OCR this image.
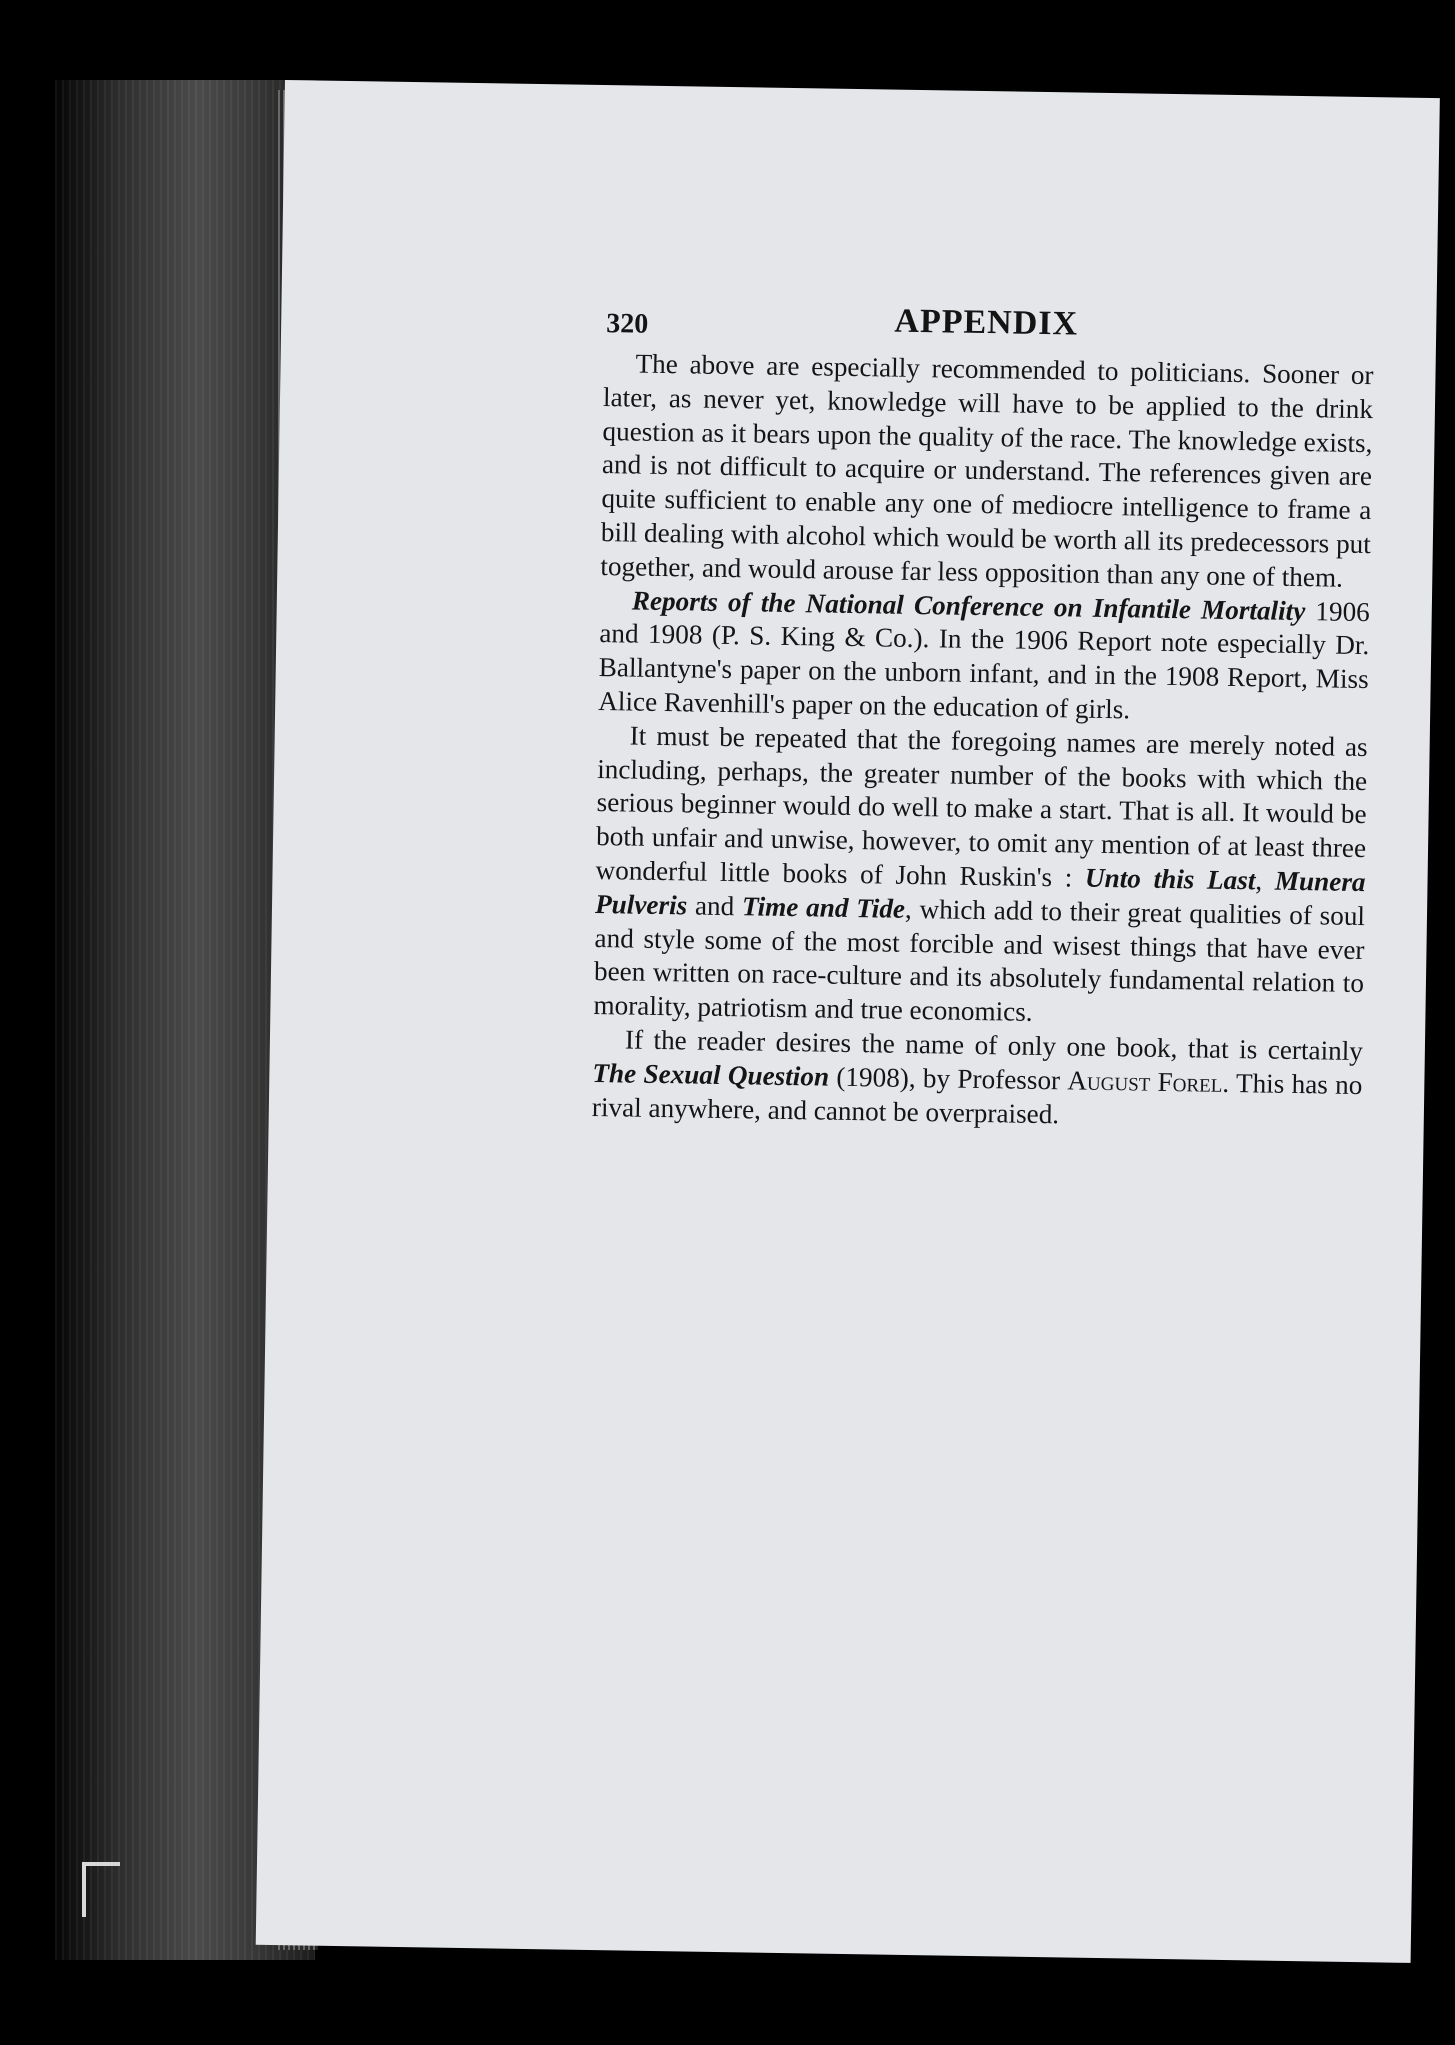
320	APPENDIX

The above are especially recommended to politicians. Sooner or later, as never yet, knowledge will have to be applied to the drink question as it bears upon the quality of the race. The knowledge exists, and is not difficult to acquire or understand. The references given are quite sufficient to enable any one of mediocre intelligence to frame a bill dealing with alcohol which would be worth all its predecessors put together, and would arouse far less opposition than any one of them.

Reports of the National Conference on Infantile Mortality 1906 and 1908 (P. S. King & Co.). In the 1906 Report note especially Dr. Ballantyne's paper on the unborn infant, and in the 1908 Report, Miss Alice Ravenhill's paper on the education of girls.

It must be repeated that the foregoing names are merely noted as including, perhaps, the greater number of the books with which the serious beginner would do well to make a start. That is all. It would be both unfair and unwise, however, to omit any mention of at least three wonderful little books of John Ruskin's : Unto this Last, Munera Pulveris and Time and Tide, which add to their great qualities of soul and style some of the most forcible and wisest things that have ever been written on race-culture and its absolutely fundamental relation to morality, patriotism and true economics.

If the reader desires the name of only one book, that is certainly The Sexual Question (1908), by Professor August Forel. This has no rival anywhere, and cannot be overpraised.
